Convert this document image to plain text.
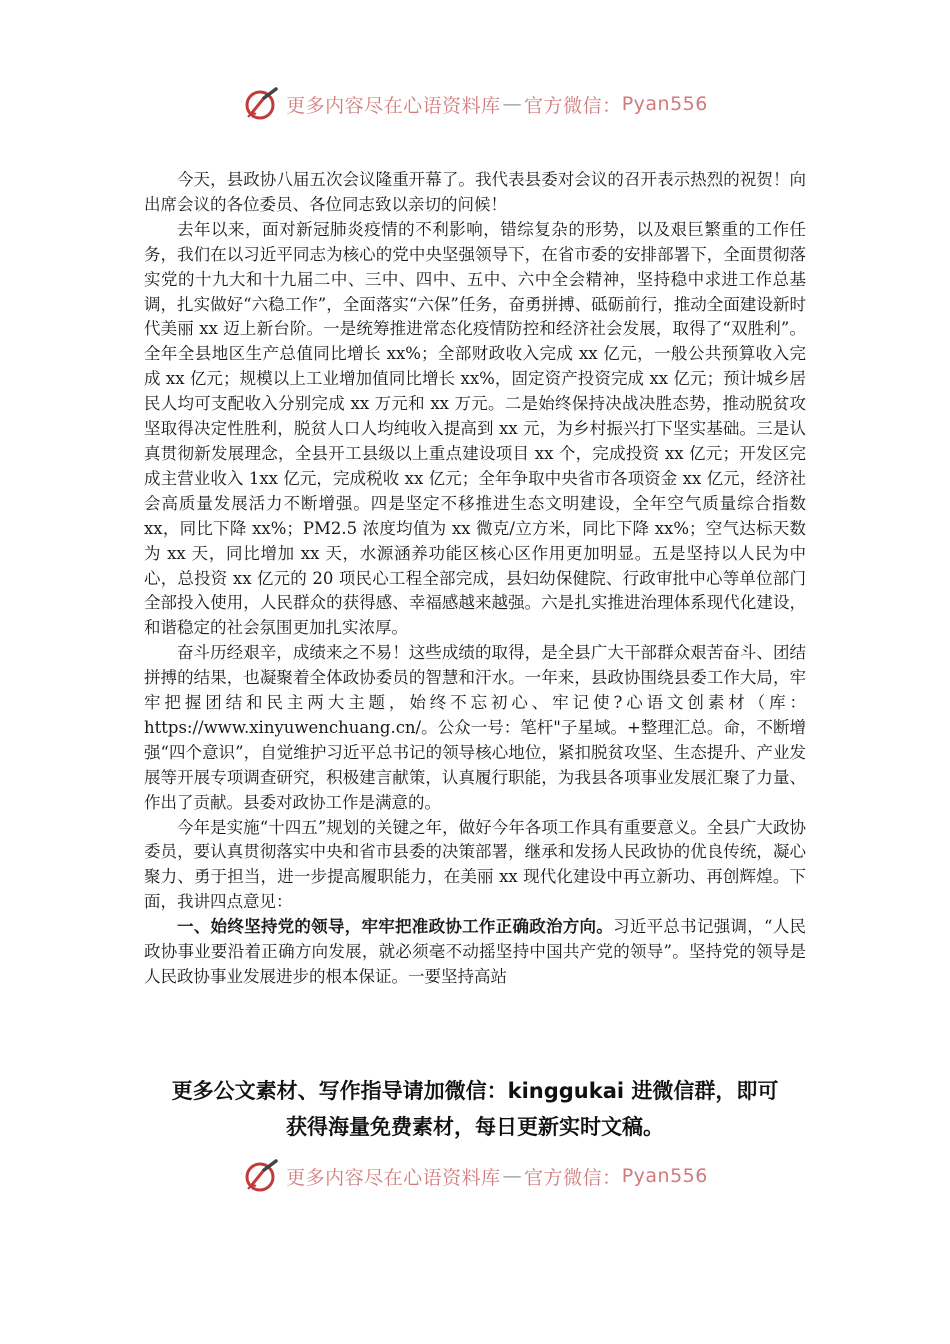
更多内容尽在心语资料库 — 官方微信： Pyan556

今天，县政协八届五次会议隆重开幕了。我代表县委对会议的召开表示热烈的祝贺！向出席会议的各位委员、各位同志致以亲切的问候！

去年以来，面对新冠肺炎疫情的不利影响，错综复杂的形势，以及艰巨繁重的工作任务，我们在以习近平同志为核心的党中央坚强领导下，在省市委的安排部署下，全面贯彻落实党的十九大和十九届二中、三中、四中、五中、六中全会精神，坚持稳中求进工作总基调，扎实做好“六稳工作”，全面落实“六保”任务，奋勇拼搏、砥砺前行，推动全面建设新时代美丽 xx 迈上新台阶。一是统筹推进常态化疫情防控和经济社会发展，取得了“双胜利”。全年全县地区生产总值同比增长 xx%；全部财政收入完成 xx 亿元，一般公共预算收入完成 xx 亿元；规模以上工业增加值同比增长 xx%，固定资产投资完成 xx 亿元；预计城乡居民人均可支配收入分别完成 xx 万元和 xx 万元。二是始终保持决战决胜态势，推动脱贫攻坚取得决定性胜利，脱贫人口人均纯收入提高到 xx 元，为乡村振兴打下坚实基础。三是认真贯彻新发展理念，全县开工县级以上重点建设项目 xx 个，完成投资 xx 亿元；开发区完成主营业收入 1xx 亿元，完成税收 xx 亿元；全年争取中央省市各项资金 xx 亿元，经济社会高质量发展活力不断增强。四是坚定不移推进生态文明建设，全年空气质量综合指数 xx，同比下降 xx%；PM2.5 浓度均值为 xx 微克/立方米，同比下降 xx%；空气达标天数为 xx 天，同比增加 xx 天，水源涵养功能区核心区作用更加明显。五是坚持以人民为中心，总投资 xx 亿元的 20 项民心工程全部完成，县妇幼保健院、行政审批中心等单位部门全部投入使用，人民群众的获得感、幸福感越来越强。六是扎实推进治理体系现代化建设，和谐稳定的社会氛围更加扎实浓厚。

奋斗历经艰辛，成绩来之不易！这些成绩的取得，是全县广大干部群众艰苦奋斗、团结拼搏的结果，也凝聚着全体政协委员的智慧和汗水。一年来，县政协围绕县委工作大局，牢牢把握团结和民主两大主题，始终不忘初心、牢记使?心语文创素材（库：https://www.xinyuwenchuang.cn/。公众一号：笔杆"子星域。+整理汇总。命，不断增强“四个意识”，自觉维护习近平总书记的领导核心地位，紧扣脱贫攻坚、生态提升、产业发展等开展专项调查研究，积极建言献策，认真履行职能，为我县各项事业发展汇聚了力量、作出了贡献。县委对政协工作是满意的。

今年是实施“十四五”规划的关键之年，做好今年各项工作具有重要意义。全县广大政协委员，要认真贯彻落实中央和省市县委的决策部署，继承和发扬人民政协的优良传统，凝心聚力、勇于担当，进一步提高履职能力，在美丽 xx 现代化建设中再立新功、再创辉煌。下面，我讲四点意见：

一、始终坚持党的领导，牢牢把准政协工作正确政治方向。习近平总书记强调，“人民政协事业要沿着正确方向发展，就必须毫不动摇坚持中国共产党的领导”。坚持党的领导是人民政协事业发展进步的根本保证。一要坚持高站

更多公文素材、写作指导请加微信：kinggukai 进微信群，即可
获得海量免费素材，每日更新实时文稿。
更多内容尽在心语资料库 — 官方微信： Pyan556
